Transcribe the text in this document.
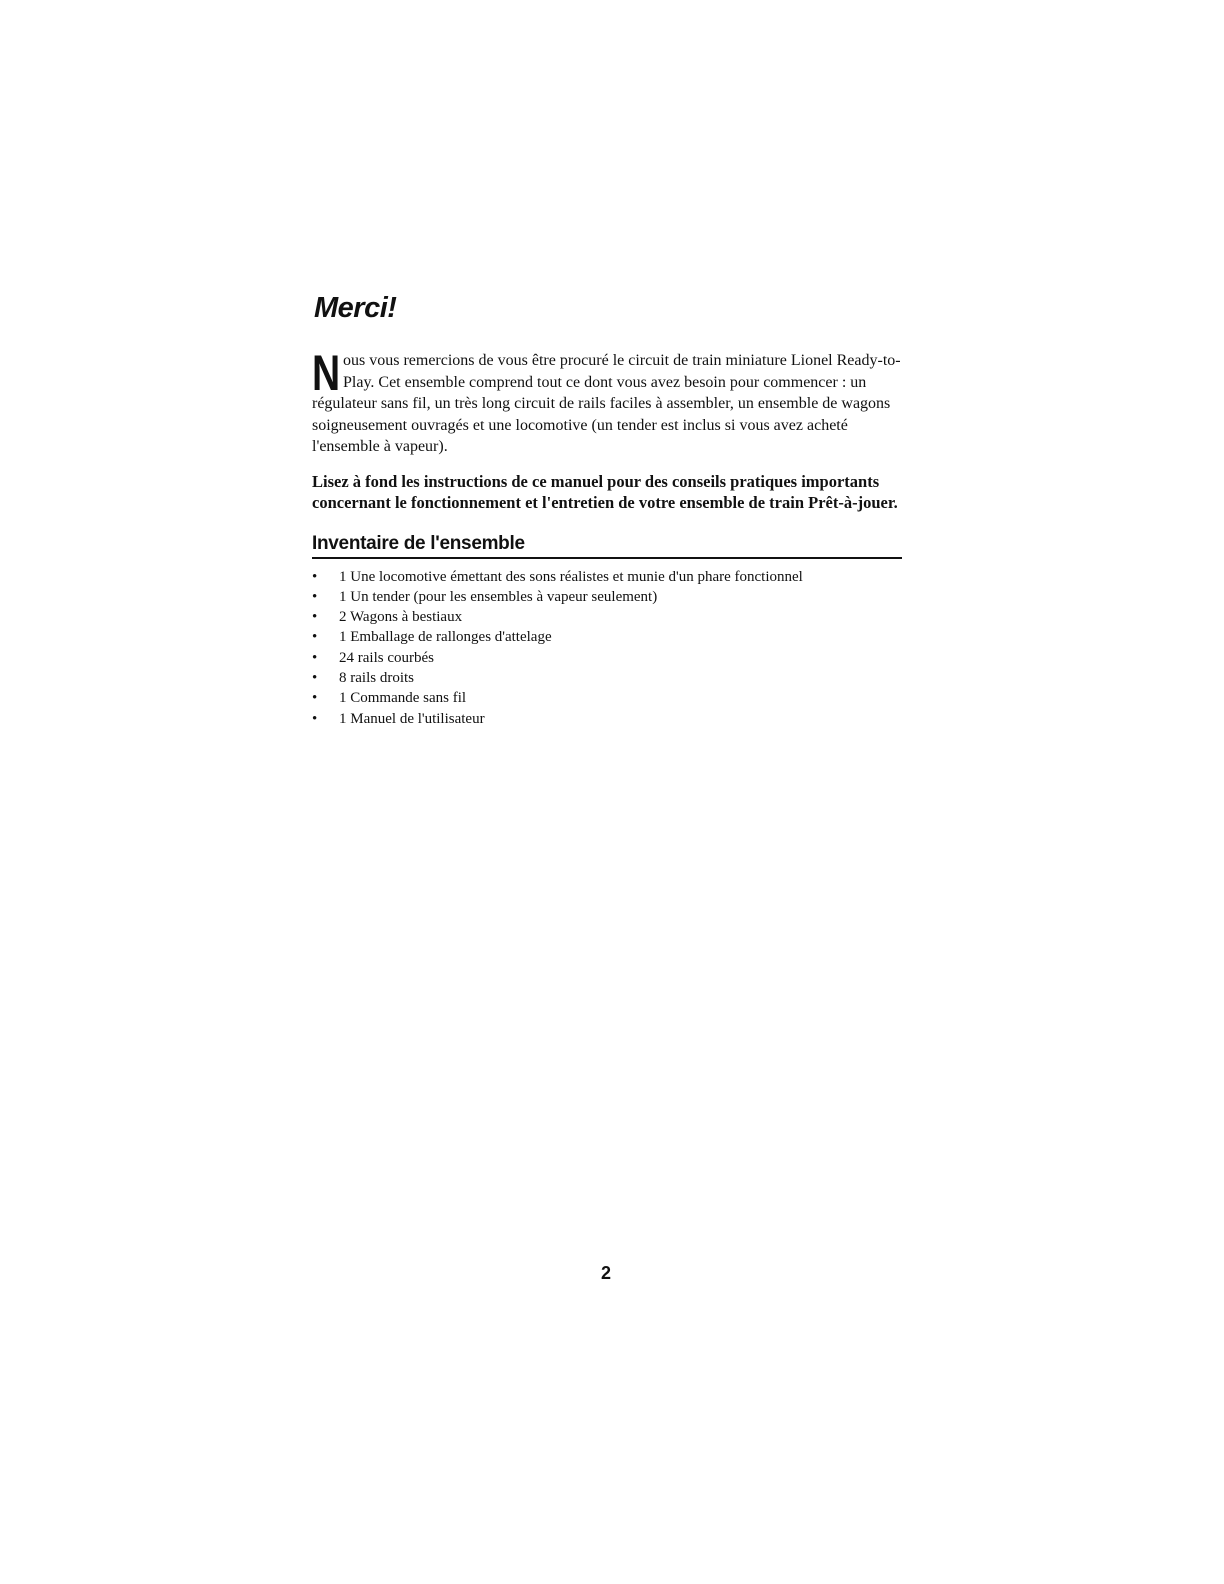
Merci!

Nous vous remercions de vous être procuré le circuit de train miniature Lionel Ready-to-Play. Cet ensemble comprend tout ce dont vous avez besoin pour commencer : un régulateur sans fil, un très long circuit de rails faciles à assembler, un ensemble de wagons soigneusement ouvragés et une locomotive (un tender est inclus si vous avez acheté l'ensemble à vapeur).

Lisez à fond les instructions de ce manuel pour des conseils pratiques importants concernant le fonctionnement et l'entretien de votre ensemble de train Prêt-à-jouer.

Inventaire de l'ensemble
• 1 Une locomotive émettant des sons réalistes et munie d'un phare fonctionnel
• 1 Un tender (pour les ensembles à vapeur seulement)
• 2 Wagons à bestiaux
• 1 Emballage de rallonges d'attelage
• 24 rails courbés
• 8 rails droits
• 1 Commande sans fil
• 1 Manuel de l'utilisateur
2
